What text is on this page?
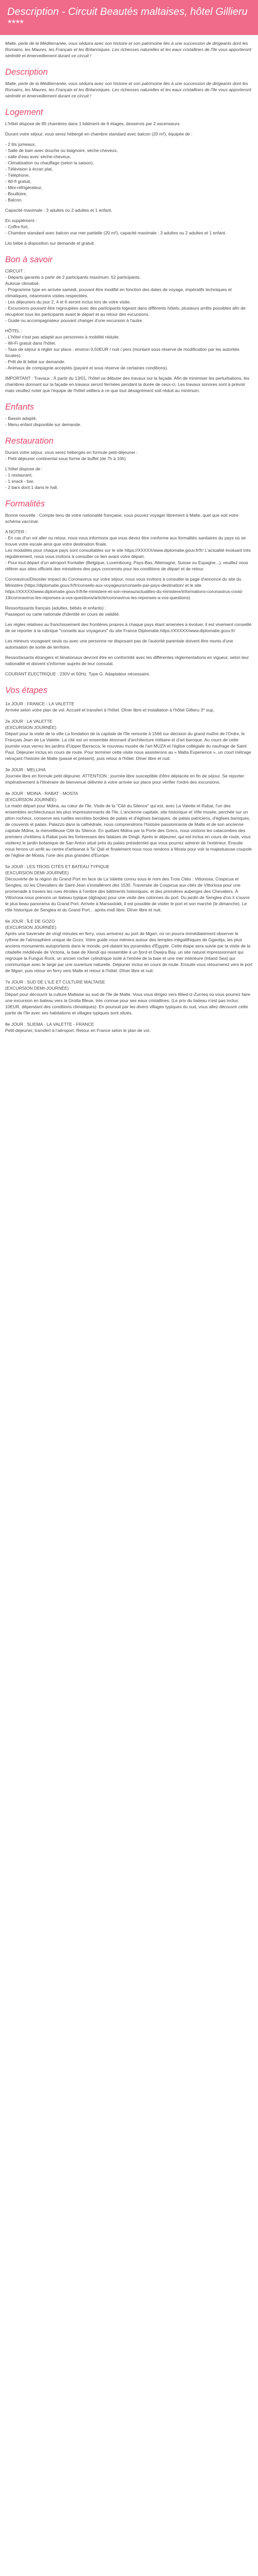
Description - Circuit Beautés maltaises, hôtel Gillieru ****

Malte, perle de la Méditerranée, vous séduira avec son histoire et son patrimoine liés à une succession de dirigeants dont les Romains, les Maures, les Français et les Britanniques. Les richesses naturelles et les eaux cristallines de l'île vous apporteront sérénité et émerveillement durant ce circuit !

Description

Malte, perle de la Méditerranée, vous séduira avec son histoire et son patrimoine liés à une succession de dirigeants dont les Romains, les Maures, les Français et les Britanniques. Les richesses naturelles et les eaux cristallines de l'île vous apporteront sérénité et émerveillement durant ce circuit !

Logement

L'hôtel dispose de 85 chambres dans 1 bâtiment de 6 étages, desservis par 2 ascenseurs.

Durant votre séjour, vous serez hébergé en chambre standard avec balcon (20 m²), équipée de :

- 2 lits jumeaux,

- Salle de bain avec douche ou baignoire, sèche-cheveux,

- salle d'eau avec sèche-cheveux,

- Climatisation ou chauffage (selon la saison),

- Télévision à écran plat,

- Téléphone,

- Wi-fi gratuit,

- Mini-réfrigérateur,

- Bouilloire,

- Balcon.

Capacité maximale : 3 adultes ou 2 adultes et 1 enfant.

En supplément :

- Coffre-fort,

- Chambre standard avec balcon vue mer partielle (20 m²), capacité maximale : 3 adultes ou 2 adultes et 1 enfant.

Lits bébé à disposition sur demande et gratuit.

Bon à savoir

CIRCUIT :

- Départs garantis à partir de 2 participants maximum: 52 participants.

Autocar climatisé.

- Programme type en arrivée samedi, pouvant être modifié en fonction des dates de voyage, impératifs techniques et climatiques, néanmoins visites respectées.

- Les déjeuners du jour 2, 4 et 6 seront inclus lors de votre visite.

- Excursions pouvant être regroupées avec des participants logeant dans différents hôtels, plusieurs arrêts possibles afin de récupérer tous les participants avant le départ et au retour des excursions.

- Guide ou accompagnateur pouvant changer d'une excursion à l'autre.

HÔTEL :

- L'hôtel n'est pas adapté aux personnes à mobilité réduite.

- Wi-Fi gratuit dans l'hôtel.

- Taxe de séjour à régler sur place : environ 0,50EUR / nuit / pers (montant sous réserve de modification par les autorités locales).

- Prêt de lit bébé sur demande.

- Animaux de compagnie acceptés (payant et sous réserve de certaines conditions).

IMPORTANT : Travaux : À partir du 13/01, l'hôtel va débuter des travaux sur la façade. Afin de minimiser les perturbations, les chambres donnant sur la façade en travaux seront fermées pendant la durée de ceux-ci. Les travaux sonores sont à prévoir mais veuillez noter que l'équipe de l'hôtel veillera à ce que tout désagrément soit réduit au minimum.

Enfants

- Bassin adapté,

- Menu enfant disponible sur demande.

Restauration

Durant votre séjour, vous serez hébergés en formule petit-déjeuner :

- Petit déjeuner continental sous forme de buffet (de 7h à 10h)

L'hôtel dispose de :

- 1 restaurant,

- 1 snack - bar,

- 2 bars dont 1 dans le hall.

Formalités

Bonne nouvelle : Compte tenu de votre nationalité française, vous pouvez voyager librement à Malte, quel que soit votre schéma vaccinal.

A NOTER :

- En cas d'un vol aller ou retour, nous vous informons que vous devez être conforme aux formalités sanitaires du pays où se trouve votre escale ainsi que votre destination finale.

Les modalités pour chaque pays sont consultables sur le site https://XXXXX/www.diplomatie.gouv.fr/fr/ L'actualité évoluant très régulièrement, nous vous invitons à consulter ce lien avant votre départ.

- Pour tout départ d'un aéroport frontalier (Belgique, Luxembourg, Pays-Bas, Allemagne, Suisse ou Espagne...), veuillez vous référer aux sites officiels des ministères des pays concernés pour les conditions de départ et de retour.

Coronavirus/Disorder impact du Coronavirus sur votre séjour, nous vous invitons à consulter la page d'annonce du site du Ministère (https://diplomatie.gouv.fr/fr/conseils-aux-voyageurs/conseils-par-pays-destination/ et le site https://XXXXX/www.diplomatie.gouv.fr/fr/le-ministere-et-son-reseau/actualites-du-ministere/informations-coronavirus-covid-19/coronavirus-les-reponses-a-vos-questions/article/coronavirus-les-reponses-a-vos-questions)

Ressortissants français (adultes, bébés et enfants) :

Passeport ou carte nationale d'identité en cours de validité.

Les règles relatives au franchissement des frontières propres à chaque pays étant amenées à évoluer, il est vivement conseillé de se reporter à la rubrique "conseils aux voyageurs" du site France Diplomatie.https://XXXXX/www.diplomatie.gouv.fr/

Les mineurs voyageant seuls ou avec une personne ne disposant pas de l'autorité parentale doivent être munis d'une autorisation de sortie de territoire.

Ressortissants étrangers et binationaux devront être en conformité avec les différentes réglementations en vigueur, selon leur nationalité et doivent s'informer auprès de leur consulat.

COURANT ELECTRIQUE : 230V et 50Hz. Type G. Adaptateur nécessaire.

Vos étapes

1e JOUR : FRANCE - LA VALETTE

Arrivée selon votre plan de vol. Accueil et transfert à l'hôtel. Dîner libre et installation à l'hôtel Gillieru 3* sup.

2e JOUR : LA VALETTE

(EXCURSION JOURNÉE)

Départ pour la visite de la ville La fondation de la capitale de l'île remonte à 1566 sur décision du grand maître de l'Ordre, le Français Jean de La Valette. La cité est un ensemble étonnant d'architecture militaire et d'art baroque. Au cours de cette journée vous verrez les jardins d'Upper Barracca, le nouveau musée de l'art MUZA et l'église collégiale du naufrage de Saint Paul. Déjeuner inclus en cours de route. Pour terminer cette visite nous assisterons au « Malta Experience », un court métrage retraçant l'histoire de Malte (passé et présent), puis retour à l'hôtel. Dîner libre et nuit.

3e JOUR : MELLIHA

Journée libre en formule petit déjeuner. ATTENTION : journée libre susceptible d'être déplacée en fin de séjour. Se reporter impérativement à l'itinéraire de bienvenue délivrée à votre arrivée sur place pour vérifier l'ordre des excursions.

4e JOUR : MDINA - RABAT - MOSTA

(EXCURSION JOURNÉE)

Le matin départ pour Mdina, au cœur de l'île. Visite de la "Cité du Silence" qui est, avec La Valette et Rabat, l'un des ensembles architecturaux les plus impressionnants de l'île. L'ancienne capitale, site historique et Ville musée, perchée sur un piton rocheux, conserve ses ruelles secrètes bordées de palais et d'églises baroques, de palais patriciens, d'églises baroques, de couvents et palais. Palazzo dans la cathédrale, nous comprendrons l'histoire passionnante de Malte et de son ancienne capitale Mdina, la merveilleuse Cité du Silence. En quittant Mdina par la Porte des Grecs, nous visitons les catacombes des premiers chrétiens à Rabat puis les forteresses des falaises de Dingli. Après le déjeuner, qui est inclus en cours de route, vous visiterez le jardin botanique de San Anton situé près du palais présidentiel que vous pourrez admirer de l'extérieur. Ensuite nous ferons un arrêt au centre d'artisanat à Ta' Qali et finalement nous nous rendons à Mosta pour voir la majestueuse coupole de l'église de Mosta, l'une des plus grandes d'Europe.

5e JOUR : LES TROIS CITÉS ET BATEAU TYPIQUE

(EXCURSION DEMI-JOURNÉE)

Découverte de la région du Grand Port en face de La Valette connu sous le nom des Trois Cités : Vittoriosa, Cospicua et Senglea, où les Chevaliers de Saint-Jean s'installèrent dès 1530. Traversée de Cospicua aux cités de Vittoriosa pour une promenade à travers les rues étroites à l'ombre des bâtiments historiques, et des premières auberges des Chevaliers. À Vittoriosa nous prenons un bateau typique (dghajsa) pour une visite des colonnes du port. Du jardin de Senglea d'où il s'ouvre le plus beau panorama du Grand Port. Arrivée à Marsaxlokk, il est possible de visiter le port et son marché (le dimanche). Le rôle historique de Senglea et du Grand Port... après-midi libre. Dîner libre et nuit.

6e JOUR : ÎLE DE GOZO

(EXCURSION JOURNÉE)

Après une traversée de vingt minutes en ferry, vous arriverez au port de Mgarr, où on pourra immédiatement observer le rythme de l'atmosphère unique de Gozo. Votre guide vous mènera autour des temples mégalithiques de Ggantija, les plus anciens monuments autoportants dans le monde, pré-datant les pyramides d'Égypte. Cette étape sera suivie par la visite de la citadelle médiévale de Victoria, la baie de Xlendi qui ressemble à un fjord et Dwejra Bay, un site naturel impressionnant qui regroupe la Fungus Rock, un ancien rocher cylindrique isolé à l'entrée de la baie et une mer intérieure (Inland Sea) qui communique avec le large par une ouverture naturelle. Déjeuner inclus en cours de route. Ensuite vous retournerez vers le port de Mgarr, puis retour en ferry vers Malte et retour à l'hôtel. Dîner libre et nuit.

7e JOUR : SUD DE L'ILE ET CULTURE MALTAISE

(EXCURSION DEMI-JOURNÉE)

Départ pour découvrir la culture Maltaise au sud de l'île de Malte. Vous vous dirigez vers Wied-iz-Zurrieq où vous pourrez faire une excursion en bateau vers la Grotta Bleue, très connue pour ses eaux cristallines. (Le prix du bateau n'est pas inclus: 10EUR, dépendant des conditions climatiques). En poursuit par les divers villages typiques du sud, vous allez découvrir cette partie de l'île avec ses habitations et villages typiques sont situés.

8e JOUR : SLIEMA - LA VALETTE - FRANCE

Petit-déjeuner, transfert à l'aéroport. Retour en France selon le plan de vol.
